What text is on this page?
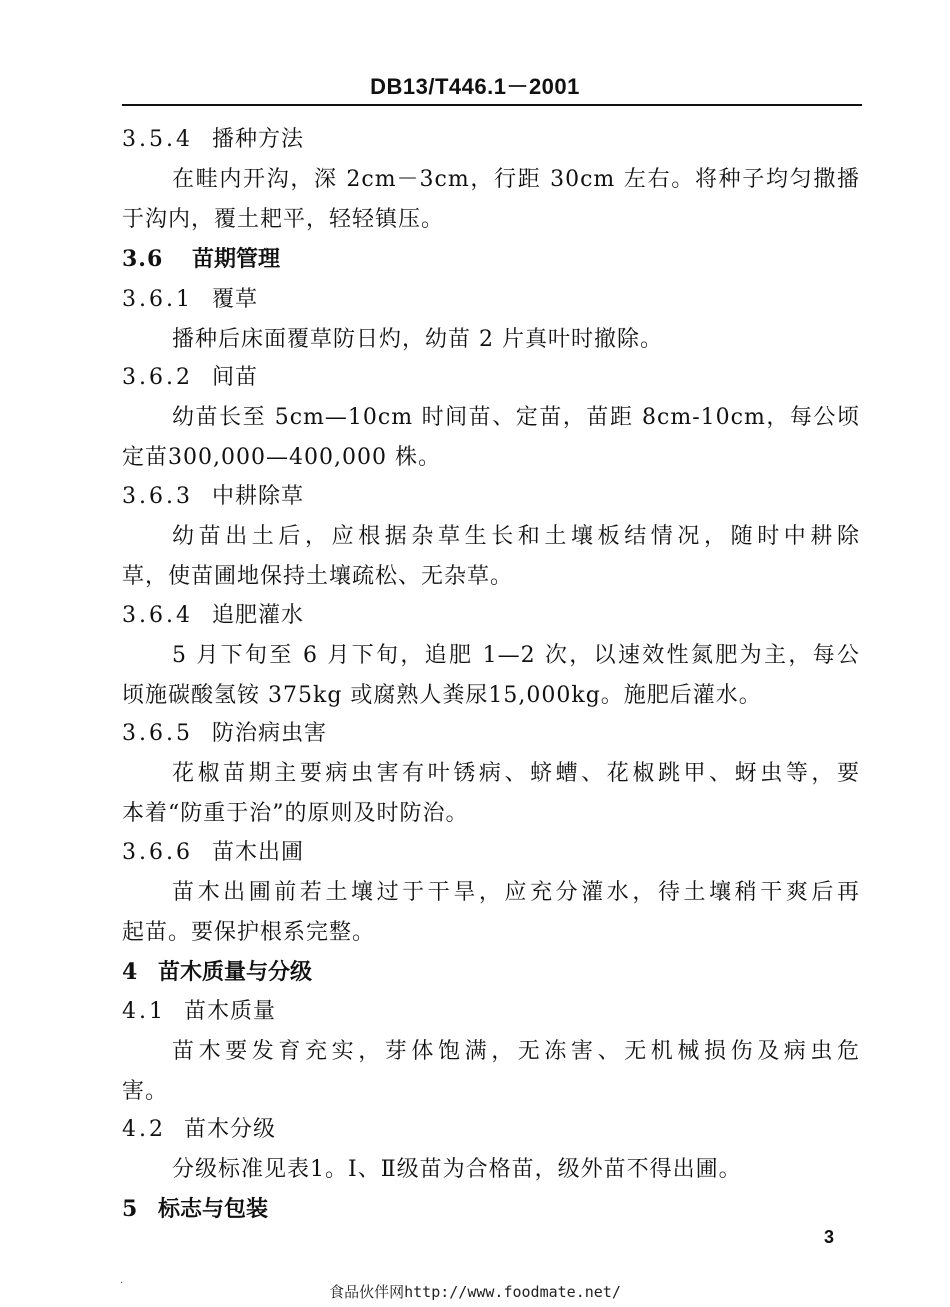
DB13/T446.1－2001
3.5.4 播种方法
在畦内开沟，深 2cm－3cm，行距 30cm 左右。将种子均匀撒播
于沟内，覆土耙平，轻轻镇压。
3.6 苗期管理
3.6.1 覆草
播种后床面覆草防日灼，幼苗 2 片真叶时撤除。
3.6.2 间苗
幼苗长至 5cm—10cm 时间苗、定苗，苗距 8cm-10cm，每公顷
定苗300,000—400,000 株。
3.6.3 中耕除草
幼苗出土后，应根据杂草生长和土壤板结情况，随时中耕除
草，使苗圃地保持土壤疏松、无杂草。
3.6.4 追肥灌水
5 月下旬至 6 月下旬，追肥 1—2 次，以速效性氮肥为主，每公
顷施碳酸氢铵 375kg 或腐熟人粪尿15,000kg。施肥后灌水。
3.6.5 防治病虫害
花椒苗期主要病虫害有叶锈病、蛴螬、花椒跳甲、蚜虫等，要
本着“防重于治”的原则及时防治。
3.6.6 苗木出圃
苗木出圃前若土壤过于干旱，应充分灌水，待土壤稍干爽后再
起苗。要保护根系完整。
4 苗木质量与分级
4.1 苗木质量
苗木要发育充实，芽体饱满，无冻害、无机械损伤及病虫危
害。
4.2 苗木分级
分级标准见表1。Ⅰ、Ⅱ级苗为合格苗，级外苗不得出圃。
5 标志与包装
3
·	食品伙伴网http://www.foodmate.net/
